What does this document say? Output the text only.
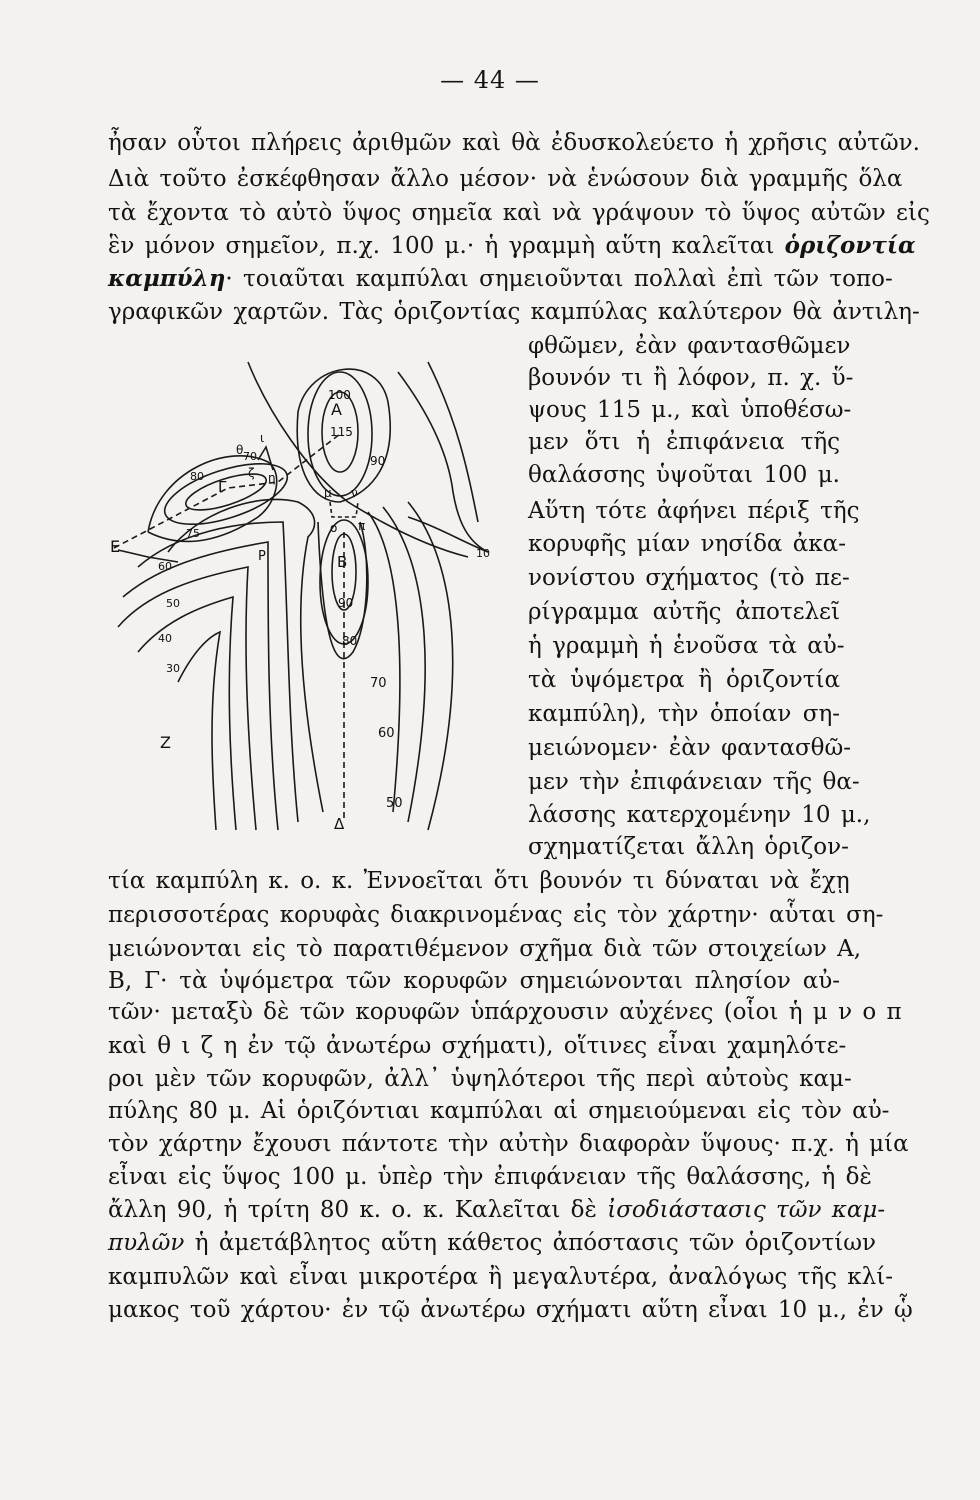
— 44 —
ἦσαν οὗτοι πλήρεις ἀριθμῶν καὶ θὰ ἐδυσκολεύετο ἡ χρῆσις αὐτῶν.
Διὰ τοῦτο ἐσκέφθησαν ἄλλο μέσον· νὰ ἑνώσουν διὰ γραμμῆς ὅλα
τὰ ἔχοντα τὸ αὐτὸ ὕψος σημεῖα καὶ νὰ γράψουν τὸ ὕψος αὐτῶν εἰς
ἓν μόνον σημεῖον, π.χ. 100 μ.· ἡ γραμμὴ αὕτη καλεῖται ὁριζοντία
καμπύλη· τοιαῦται καμπύλαι σημειοῦνται πολλαὶ ἐπὶ τῶν τοπο-
γραφικῶν χαρτῶν. Τὰς ὁριζοντίας καμπύλας καλύτερον θὰ ἀντιλη-
φθῶμεν, ἐὰν φαντασθῶμεν
βουνόν τι ἢ λόφον, π. χ. ὕ-
ψους 115 μ., καὶ ὑποθέσω-
μεν ὅτι ἡ ἐπιφάνεια τῆς
θαλάσσης ὑψοῦται 100 μ.
Αὕτη τότε ἀφήνει πέριξ τῆς
κορυφῆς μίαν νησίδα ἀκα-
νονίστου σχήματος (τὸ πε-
ρίγραμμα αὐτῆς ἀποτελεῖ
ἡ γραμμὴ ἡ ἑνοῦσα τὰ αὐ-
τὰ ὑψόμετρα ἢ ὁριζοντία
καμπύλη), τὴν ὁποίαν ση-
μειώνομεν· ἐὰν φαντασθῶ-
μεν τὴν ἐπιφάνειαν τῆς θα-
λάσσης κατερχομένην 10 μ.,
σχηματίζεται ἄλλη ὁριζον-
Α
115
100
90
Β
90
80
Γ
Ε
Ζ
Δ
Ρ
70
60
50
75
60
50
40
30
10
70
80
θ
ι
ζ η
μ ν
ο π
τία καμπύλη κ. ο. κ. Ἐννοεῖται ὅτι βουνόν τι δύναται νὰ ἔχῃ
περισσοτέρας κορυφὰς διακρινομένας εἰς τὸν χάρτην· αὗται ση-
μειώνονται εἰς τὸ παρατιθέμενον σχῆμα διὰ τῶν στοιχείων Α,
Β, Γ· τὰ ὑψόμετρα τῶν κορυφῶν σημειώνονται πλησίον αὐ-
τῶν· μεταξὺ δὲ τῶν κορυφῶν ὑπάρχουσιν αὐχένες (οἷοι ἡ μ ν ο π
καὶ θ ι ζ η ἐν τῷ ἀνωτέρω σχήματι), οἵτινες εἶναι χαμηλότε-
ροι μὲν τῶν κορυφῶν, ἀλλ᾽ ὑψηλότεροι τῆς περὶ αὐτοὺς καμ-
πύλης 80 μ. Αἱ ὁριζόντιαι καμπύλαι αἱ σημειούμεναι εἰς τὸν αὐ-
τὸν χάρτην ἔχουσι πάντοτε τὴν αὐτὴν διαφορὰν ὕψους· π.χ. ἡ μία
εἶναι εἰς ὕψος 100 μ. ὑπὲρ τὴν ἐπιφάνειαν τῆς θαλάσσης, ἡ δὲ
ἄλλη 90, ἡ τρίτη 80 κ. ο. κ. Καλεῖται δὲ ἰσοδιάστασις τῶν καμ-
πυλῶν ἡ ἀμετάβλητος αὕτη κάθετος ἀπόστασις τῶν ὁριζοντίων
καμπυλῶν καὶ εἶναι μικροτέρα ἢ μεγαλυτέρα, ἀναλόγως τῆς κλί-
μακος τοῦ χάρτου· ἐν τῷ ἀνωτέρω σχήματι αὕτη εἶναι 10 μ., ἐν ᾧ
